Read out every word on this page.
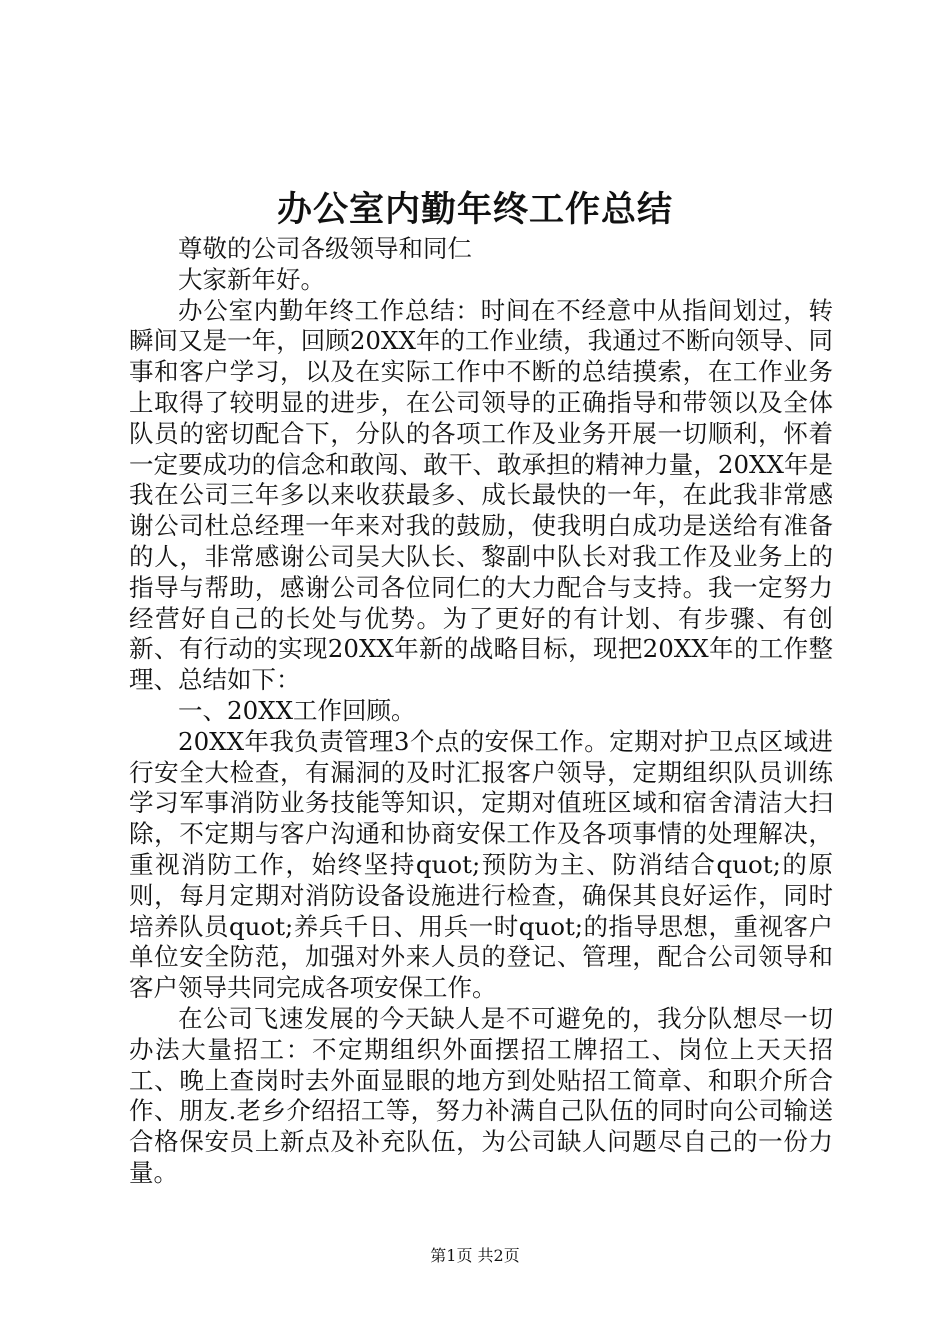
办公室内勤年终工作总结

尊敬的公司各级领导和同仁

大家新年好。

办公室内勤年终工作总结：时间在不经意中从指间划过，转瞬间又是一年，回顾20XX年的工作业绩，我通过不断向领导、同事和客户学习，以及在实际工作中不断的总结摸索，在工作业务上取得了较明显的进步，在公司领导的正确指导和带领以及全体队员的密切配合下，分队的各项工作及业务开展一切顺利，怀着一定要成功的信念和敢闯、敢干、敢承担的精神力量，20XX年是我在公司三年多以来收获最多、成长最快的一年，在此我非常感谢公司杜总经理一年来对我的鼓励，使我明白成功是送给有准备的人，非常感谢公司吴大队长、黎副中队长对我工作及业务上的指导与帮助，感谢公司各位同仁的大力配合与支持。我一定努力经营好自己的长处与优势。为了更好的有计划、有步骤、有创新、有行动的实现20XX年新的战略目标，现把20XX年的工作整理、总结如下：

一、20XX工作回顾。

20XX年我负责管理3个点的安保工作。定期对护卫点区域进行安全大检查，有漏洞的及时汇报客户领导，定期组织队员训练学习军事消防业务技能等知识，定期对值班区域和宿舍清洁大扫除，不定期与客户沟通和协商安保工作及各项事情的处理解决，重视消防工作，始终坚持quot;预防为主、防消结合quot;的原则，每月定期对消防设备设施进行检查，确保其良好运作，同时培养队员quot;养兵千日、用兵一时quot;的指导思想，重视客户单位安全防范，加强对外来人员的登记、管理，配合公司领导和客户领导共同完成各项安保工作。

在公司飞速发展的今天缺人是不可避免的，我分队想尽一切办法大量招工：不定期组织外面摆招工牌招工、岗位上天天招工、晚上查岗时去外面显眼的地方到处贴招工简章、和职介所合作、朋友.老乡介绍招工等，努力补满自己队伍的同时向公司输送合格保安员上新点及补充队伍，为公司缺人问题尽自己的一份力量。

第1页 共2页
